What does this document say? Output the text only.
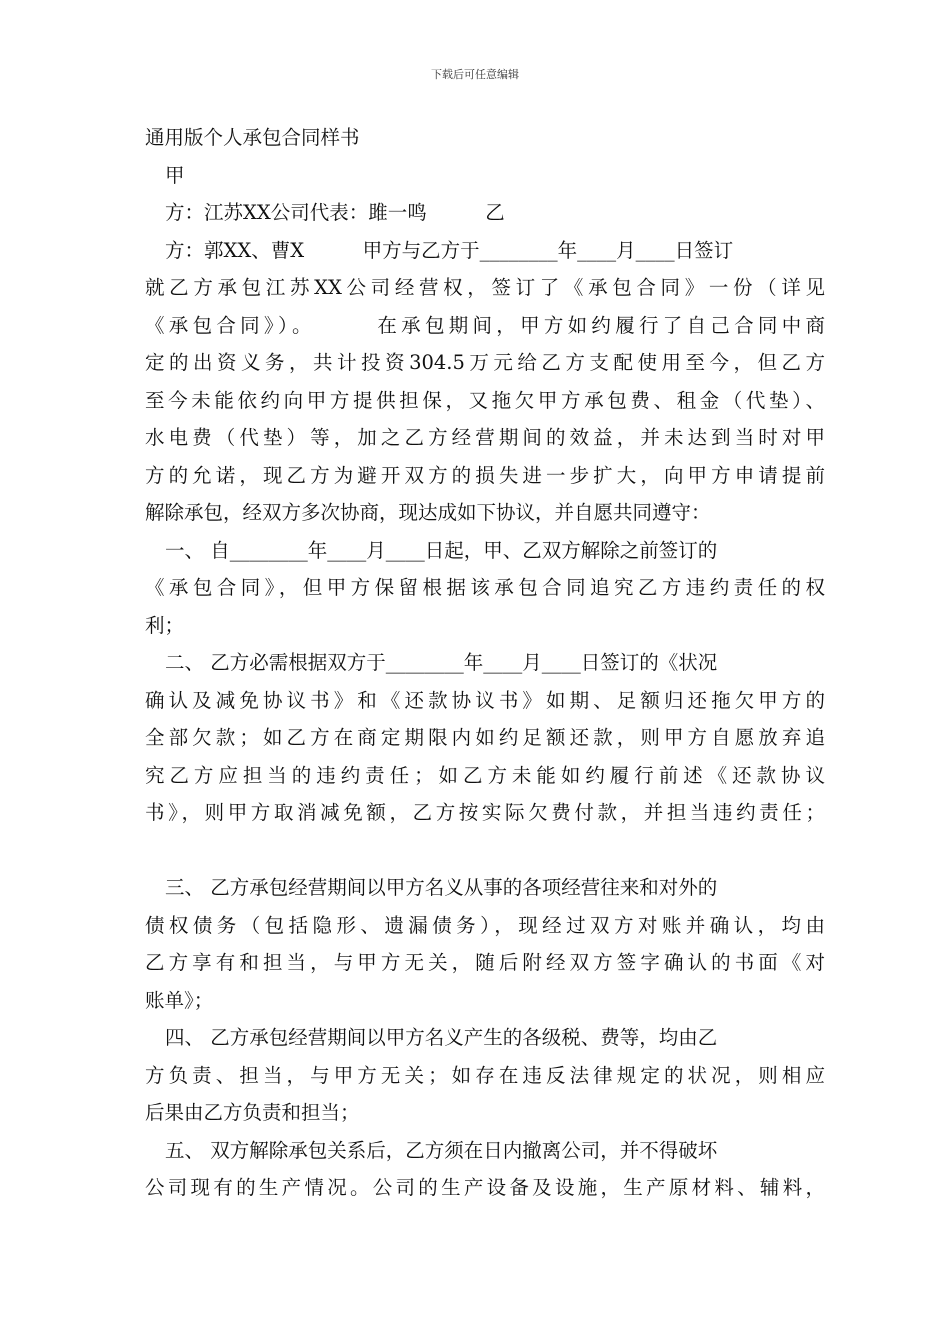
下载后可任意编辑
通用版个人承包合同样书
甲
方：江苏XX公司代表：雎一鸣　　　乙
方：郭XX、曹X　　　甲方与乙方于________年____月____日签订
就乙方承包江苏XX公司经营权，签订了《承包合同》一份（详见
《承包合同》）。　　　在承包期间，甲方如约履行了自己合同中商
定的出资义务，共计投资304.5万元给乙方支配使用至今，但乙方
至今未能依约向甲方提供担保，又拖欠甲方承包费、租金（代垫）、
水电费（代垫）等，加之乙方经营期间的效益，并未达到当时对甲
方的允诺，现乙方为避开双方的损失进一步扩大，向甲方申请提前
解除承包，经双方多次协商，现达成如下协议，并自愿共同遵守：
一、 自________年____月____日起，甲、乙双方解除之前签订的
《承包合同》，但甲方保留根据该承包合同追究乙方违约责任的权
利；
二、 乙方必需根据双方于________年____月____日签订的《状况
确认及减免协议书》和《还款协议书》如期、足额归还拖欠甲方的
全部欠款；如乙方在商定期限内如约足额还款，则甲方自愿放弃追
究乙方应担当的违约责任；如乙方未能如约履行前述《还款协议
书》，则甲方取消减免额，乙方按实际欠费付款，并担当违约责任；
三、 乙方承包经营期间以甲方名义从事的各项经营往来和对外的
债权债务（包括隐形、遗漏债务），现经过双方对账并确认，均由
乙方享有和担当，与甲方无关，随后附经双方签字确认的书面《对
账单》；
四、 乙方承包经营期间以甲方名义产生的各级税、费等，均由乙
方负责、担当，与甲方无关；如存在违反法律规定的状况，则相应
后果由乙方负责和担当；
五、 双方解除承包关系后，乙方须在日内撤离公司，并不得破坏
公司现有的生产情况。公司的生产设备及设施，生产原材料、辅料，
